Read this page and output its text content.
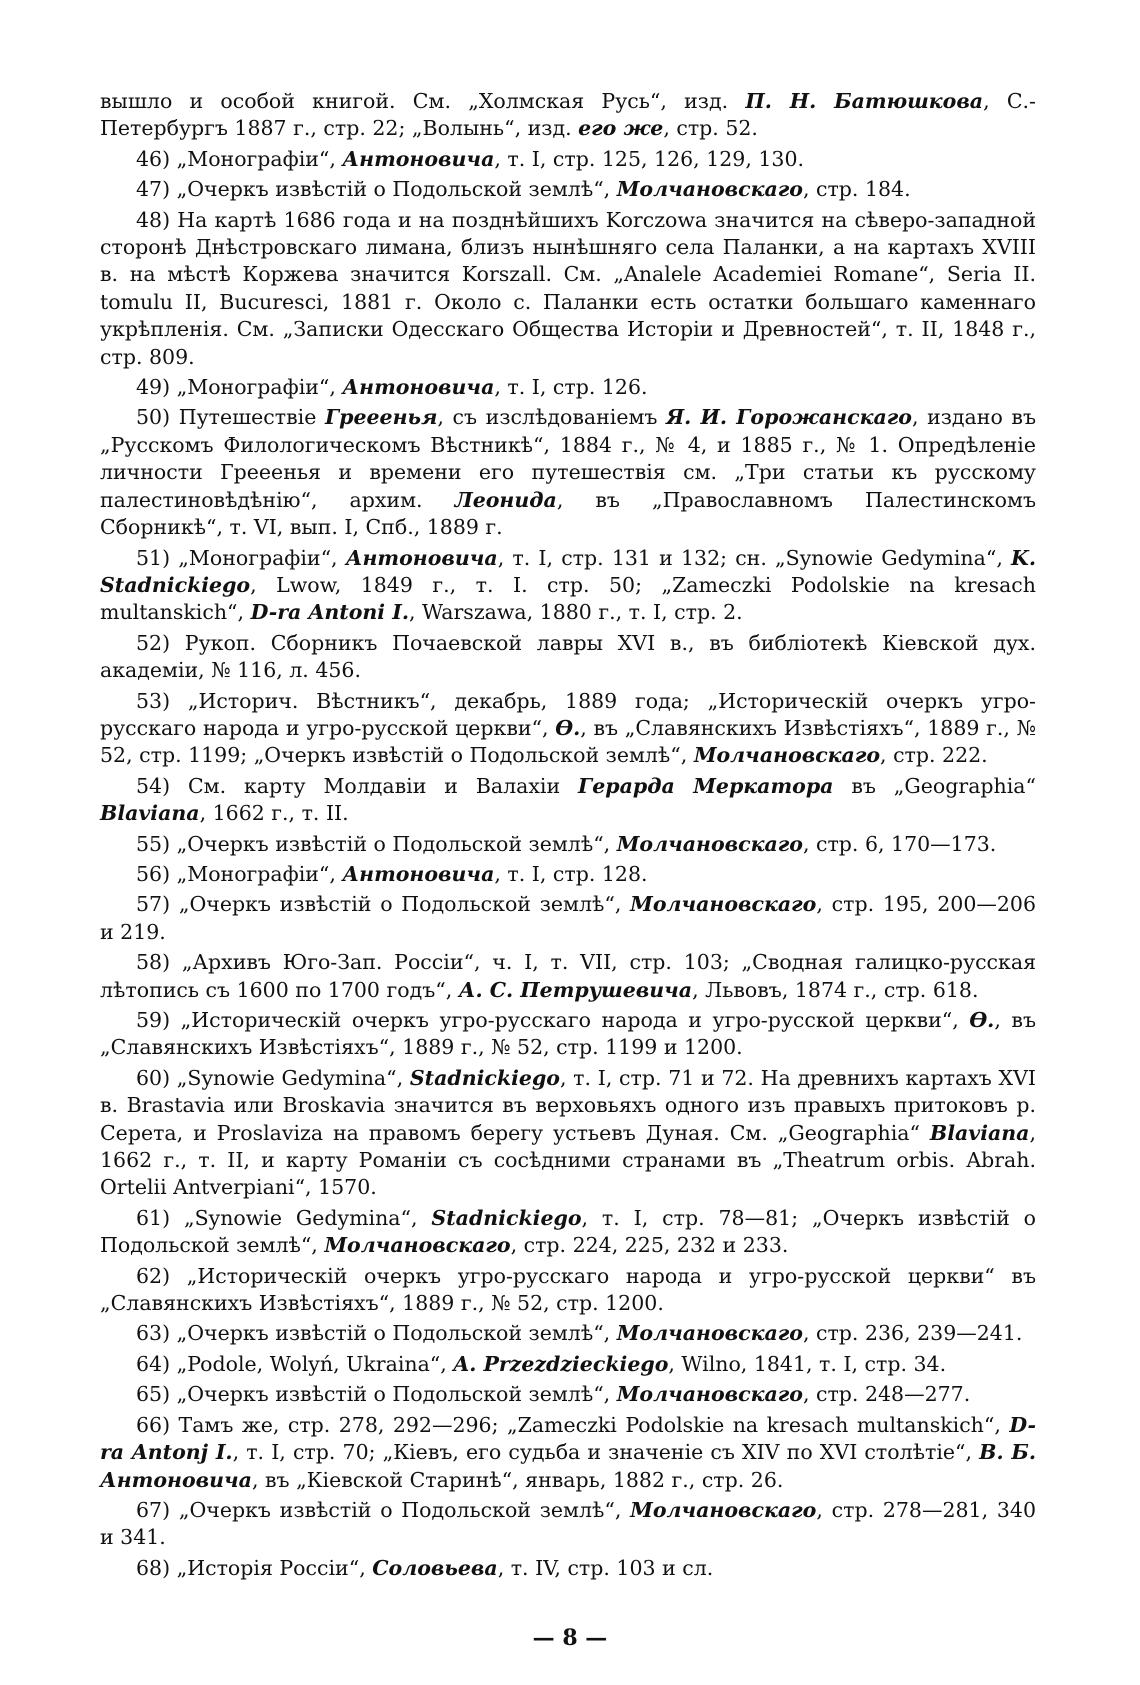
вышло и особой книгой. См. „Холмская Русь“, изд. П. Н. Батюшкова, С.-Петербургъ 1887 г., стр. 22; „Волынь“, изд. его же, стр. 52.

46) „Монографiи“, Антоновича, т. I, стр. 125, 126, 129, 130.

47) „Очеркъ извѣстiй о Подольской землѣ“, Молчановскаго, стр. 184.

48) На картѣ 1686 года и на позднѣйшихъ Korczowa значится на сѣверо-западной сторонѣ Днѣстровскаго лимана, близъ нынѣшняго села Паланки, а на картахъ XVIII в. на мѣстѣ Коржева значится Korszall. См. „Analele Academiei Romane“, Seria II. tomulu II, Bucuresci, 1881 г. Около с. Паланки есть остатки большаго каменнаго укрѣпленiя. См. „Записки Одесскаго Общества Исторiи и Древностей“, т. II, 1848 г., стр. 809.

49) „Монографiи“, Антоновича, т. I, стр. 126.

50) Путешествiе Грееенья, съ изслѣдованiемъ Я. И. Горожанскаго, издано въ „Русскомъ Филологическомъ Вѣстникѣ“, 1884 г., № 4, и 1885 г., № 1. Опредѣленiе личности Грееенья и времени его путешествiя см. „Три статьи къ русскому палестиновѣдѣнiю“, архим. Леонида, въ „Православномъ Палестинскомъ Сборникѣ“, т. VI, вып. I, Спб., 1889 г.

51) „Монографiи“, Антоновича, т. I, стр. 131 и 132; сн. „Synowie Gedymina“, K. Stadnickiego, Lwow, 1849 г., т. I. стр. 50; „Zameczki Podolskie na kresach multanskich“, D-ra Antoni I., Warszawa, 1880 г., т. I, стр. 2.

52) Рукоп. Сборникъ Почаевской лавры XVI в., въ библiотекѣ Кiевской дух. академiи, № 116, л. 456.

53) „Историч. Вѣстникъ“, декабрь, 1889 года; „Историческiй очеркъ угро-русскаго народа и угро-русской церкви“, Ѳ., въ „Славянскихъ Извѣстiяхъ“, 1889 г., № 52, стр. 1199; „Очеркъ извѣстiй о Подольской землѣ“, Молчановскаго, стр. 222.

54) См. карту Молдавiи и Валахiи Герарда Меркатора въ „Geographia“ Blaviana, 1662 г., т. II.

55) „Очеркъ извѣстiй о Подольской землѣ“, Молчановскаго, стр. 6, 170—173.

56) „Монографiи“, Антоновича, т. I, стр. 128.

57) „Очеркъ извѣстiй о Подольской землѣ“, Молчановскаго, стр. 195, 200—206 и 219.

58) „Архивъ Юго-Зап. Россiи“, ч. I, т. VII, стр. 103; „Сводная галицко-русская лѣтопись съ 1600 по 1700 годъ“, А. С. Петрушевича, Львовъ, 1874 г., стр. 618.

59) „Историческiй очеркъ угро-русскаго народа и угро-русской церкви“, Ѳ., въ „Славянскихъ Извѣстiяхъ“, 1889 г., № 52, стр. 1199 и 1200.

60) „Synowie Gedymina“, Stadnickiego, т. I, стр. 71 и 72. На древнихъ картахъ XVI в. Brastavia или Broskavia значится въ верховьяхъ одного изъ правыхъ притоковъ р. Серета, и Proslaviza на правомъ берегу устьевъ Дуная. См. „Geographia“ Blaviana, 1662 г., т. II, и карту Романiи съ сосѣдними странами въ „Theatrum orbis. Abrah. Ortelii Antverpiani“, 1570.

61) „Synowie Gedymina“, Stadnickiego, т. I, стр. 78—81; „Очеркъ извѣстiй о Подольской землѣ“, Молчановскаго, стр. 224, 225, 232 и 233.

62) „Историческiй очеркъ угро-русскаго народа и угро-русской церкви“ въ „Славянскихъ Извѣстiяхъ“, 1889 г., № 52, стр. 1200.

63) „Очеркъ извѣстiй о Подольской землѣ“, Молчановскаго, стр. 236, 239—241.

64) „Podole, Wolyń, Ukraina“, A. Przezdzieckiego, Wilno, 1841, т. I, стр. 34.

65) „Очеркъ извѣстiй о Подольской землѣ“, Молчановскаго, стр. 248—277.

66) Тамъ же, стр. 278, 292—296; „Zameczki Podolskie na kresach multanskich“, D-ra Antonj I., т. I, стр. 70; „Кiевъ, его судьба и значенiе съ XIV по XVI столѣтiе“, В. Б. Антоновича, въ „Кiевской Старинѣ“, январь, 1882 г., стр. 26.

67) „Очеркъ извѣстiй о Подольской землѣ“, Молчановскаго, стр. 278—281, 340 и 341.

68) „Исторiя Россiи“, Соловьева, т. IV, стр. 103 и сл.

— 8 —
